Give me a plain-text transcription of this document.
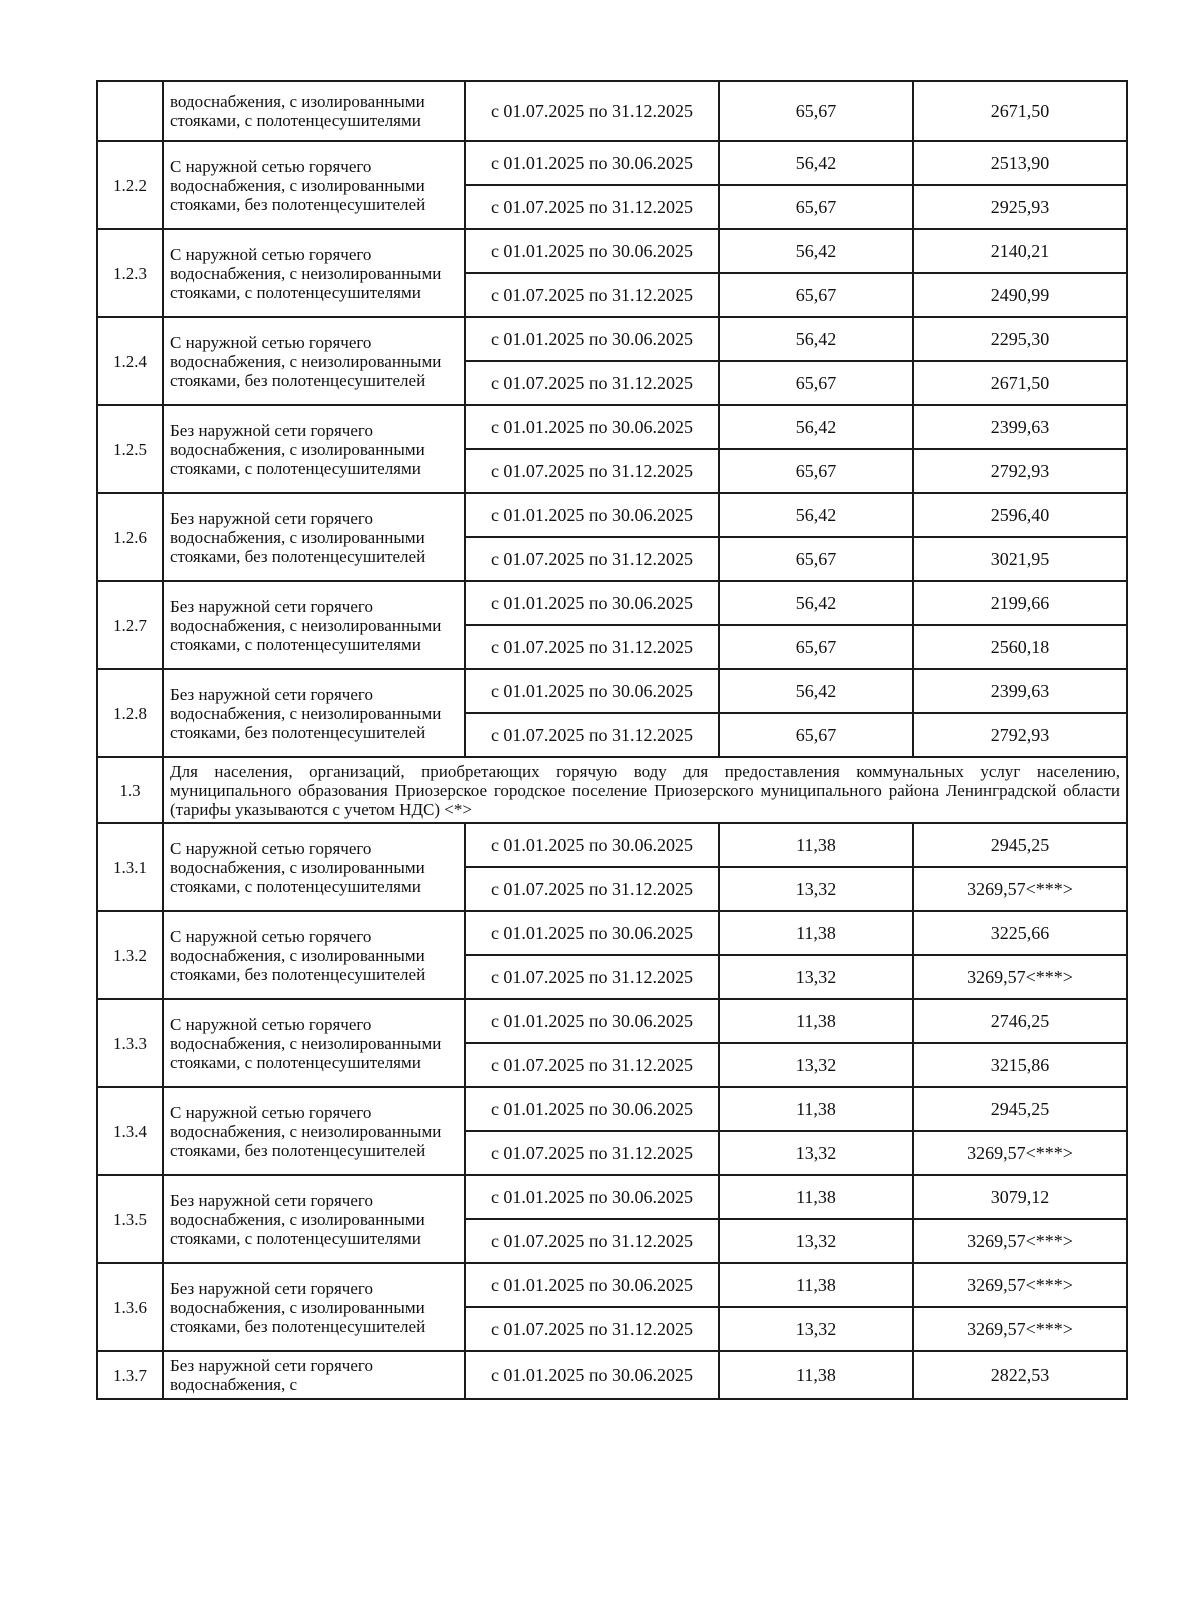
	водоснабжения, с изолированными стояками, с полотенцесушителями	с 01.07.2025 по 31.12.2025	65,67	2671,50
1.2.2	С наружной сетью горячего водоснабжения, с изолированными стояками, без полотенцесушителей	с 01.01.2025 по 30.06.2025	56,42	2513,90
		с 01.07.2025 по 31.12.2025	65,67	2925,93
1.2.3	С наружной сетью горячего водоснабжения, с неизолированными стояками, с полотенцесушителями	с 01.01.2025 по 30.06.2025	56,42	2140,21
		с 01.07.2025 по 31.12.2025	65,67	2490,99
1.2.4	С наружной сетью горячего водоснабжения, с неизолированными стояками, без полотенцесушителей	с 01.01.2025 по 30.06.2025	56,42	2295,30
		с 01.07.2025 по 31.12.2025	65,67	2671,50
1.2.5	Без наружной сети горячего водоснабжения, с изолированными стояками, с полотенцесушителями	с 01.01.2025 по 30.06.2025	56,42	2399,63
		с 01.07.2025 по 31.12.2025	65,67	2792,93
1.2.6	Без наружной сети горячего водоснабжения, с изолированными стояками, без полотенцесушителей	с 01.01.2025 по 30.06.2025	56,42	2596,40
		с 01.07.2025 по 31.12.2025	65,67	3021,95
1.2.7	Без наружной сети горячего водоснабжения, с неизолированными стояками, с полотенцесушителями	с 01.01.2025 по 30.06.2025	56,42	2199,66
		с 01.07.2025 по 31.12.2025	65,67	2560,18
1.2.8	Без наружной сети горячего водоснабжения, с неизолированными стояками, без полотенцесушителей	с 01.01.2025 по 30.06.2025	56,42	2399,63
		с 01.07.2025 по 31.12.2025	65,67	2792,93
1.3	Для населения, организаций, приобретающих горячую воду для предоставления коммунальных услуг населению, муниципального образования Приозерское городское поселение Приозерского муниципального района Ленинградской области (тарифы указываются с учетом НДС) <*>			
1.3.1	С наружной сетью горячего водоснабжения, с изолированными стояками, с полотенцесушителями	с 01.01.2025 по 30.06.2025	11,38	2945,25
		с 01.07.2025 по 31.12.2025	13,32	3269,57<***>
1.3.2	С наружной сетью горячего водоснабжения, с изолированными стояками, без полотенцесушителей	с 01.01.2025 по 30.06.2025	11,38	3225,66
		с 01.07.2025 по 31.12.2025	13,32	3269,57<***>
1.3.3	С наружной сетью горячего водоснабжения, с неизолированными стояками, с полотенцесушителями	с 01.01.2025 по 30.06.2025	11,38	2746,25
		с 01.07.2025 по 31.12.2025	13,32	3215,86
1.3.4	С наружной сетью горячего водоснабжения, с неизолированными стояками, без полотенцесушителей	с 01.01.2025 по 30.06.2025	11,38	2945,25
		с 01.07.2025 по 31.12.2025	13,32	3269,57<***>
1.3.5	Без наружной сети горячего водоснабжения, с изолированными стояками, с полотенцесушителями	с 01.01.2025 по 30.06.2025	11,38	3079,12
		с 01.07.2025 по 31.12.2025	13,32	3269,57<***>
1.3.6	Без наружной сети горячего водоснабжения, с изолированными стояками, без полотенцесушителей	с 01.01.2025 по 30.06.2025	11,38	3269,57<***>
		с 01.07.2025 по 31.12.2025	13,32	3269,57<***>
1.3.7	Без наружной сети горячего водоснабжения, с	с 01.01.2025 по 30.06.2025	11,38	2822,53
